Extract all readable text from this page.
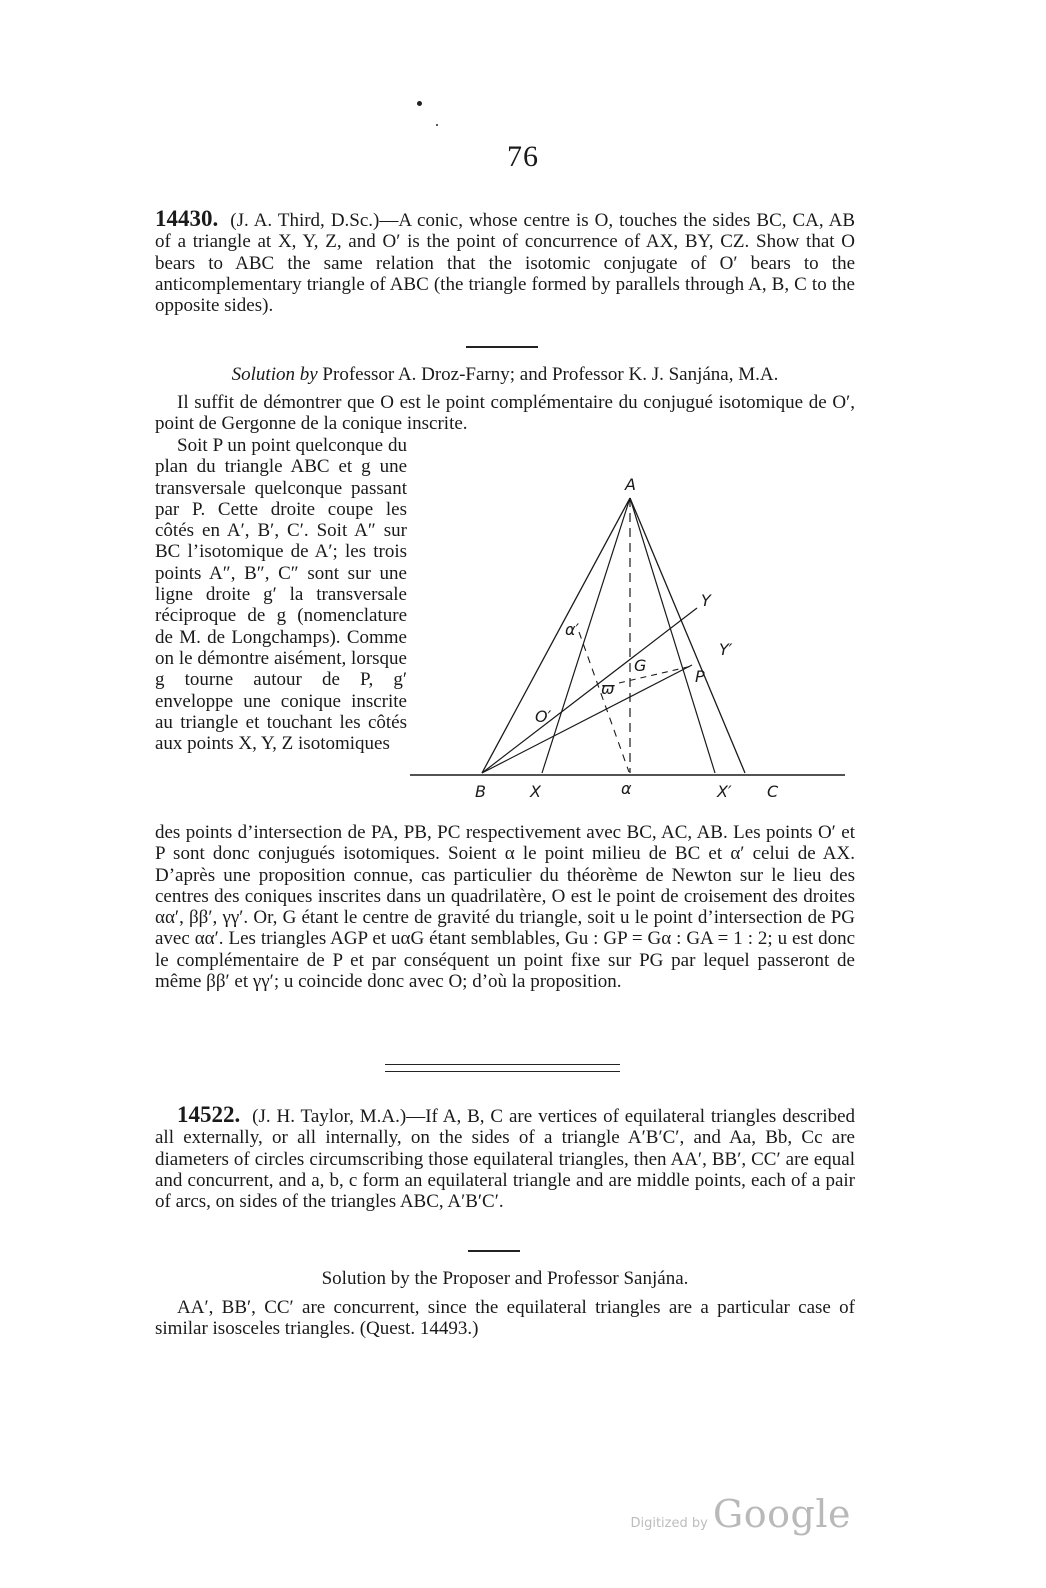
76
14430. (J. A. Third, D.Sc.)—A conic, whose centre is O, touches the sides BC, CA, AB of a triangle at X, Y, Z, and O′ is the point of concurrence of AX, BY, CZ. Show that O bears to ABC the same relation that the isotomic conjugate of O′ bears to the anticomplementary triangle of ABC (the triangle formed by parallels through A, B, C to the opposite sides).
Solution by Professor A. Droz-Farny; and Professor K. J. Sanjána, M.A.
Il suffit de démontrer que O est le point complémentaire du conjugué isotomique de O′, point de Gergonne de la conique inscrite.
Soit P un point quelconque du plan du triangle ABC et g une transversale quelconque passant par P. Cette droite coupe les côtés en A′, B′, C′. Soit A″ sur BC l’isotomique de A′; les trois points A″, B″, C″ sont sur une ligne droite g′ la transversale réciproque de g (nomenclature de M. de Longchamps). Comme on le démontre aisément, lorsque g tourne autour de P, g′ enveloppe une conique inscrite au triangle et touchant les côtés aux points X, Y, Z isotomiques
A
B	X	α	X′ C
α′
Y
Y′
G
P
ϖ
O′
des points d’intersection de PA, PB, PC respectivement avec BC, AC, AB. Les points O′ et P sont donc conjugués isotomiques. Soient α le point milieu de BC et α′ celui de AX. D’après une proposition connue, cas particulier du théorème de Newton sur le lieu des centres des coniques inscrites dans un quadrilatère, O est le point de croisement des droites αα′, ββ′, γγ′. Or, G étant le centre de gravité du triangle, soit u le point d’intersection de PG avec αα′. Les triangles AGP et uαG étant semblables, Gu : GP = Gα : GA = 1 : 2; u est donc le complémentaire de P et par conséquent un point fixe sur PG par lequel passeront de même ββ′ et γγ′; u coincide donc avec O; d’où la proposition.
14522. (J. H. Taylor, M.A.)—If A, B, C are vertices of equilateral triangles described all externally, or all internally, on the sides of a triangle A′B′C′, and Aa, Bb, Cc are diameters of circles circumscribing those equilateral triangles, then AA′, BB′, CC′ are equal and concurrent, and a, b, c form an equilateral triangle and are middle points, each of a pair of arcs, on sides of the triangles ABC, A′B′C′.
Solution by the Proposer and Professor Sanjána.
AA′, BB′, CC′ are concurrent, since the equilateral triangles are a particular case of similar isosceles triangles. (Quest. 14493.)
Digitized by Google
